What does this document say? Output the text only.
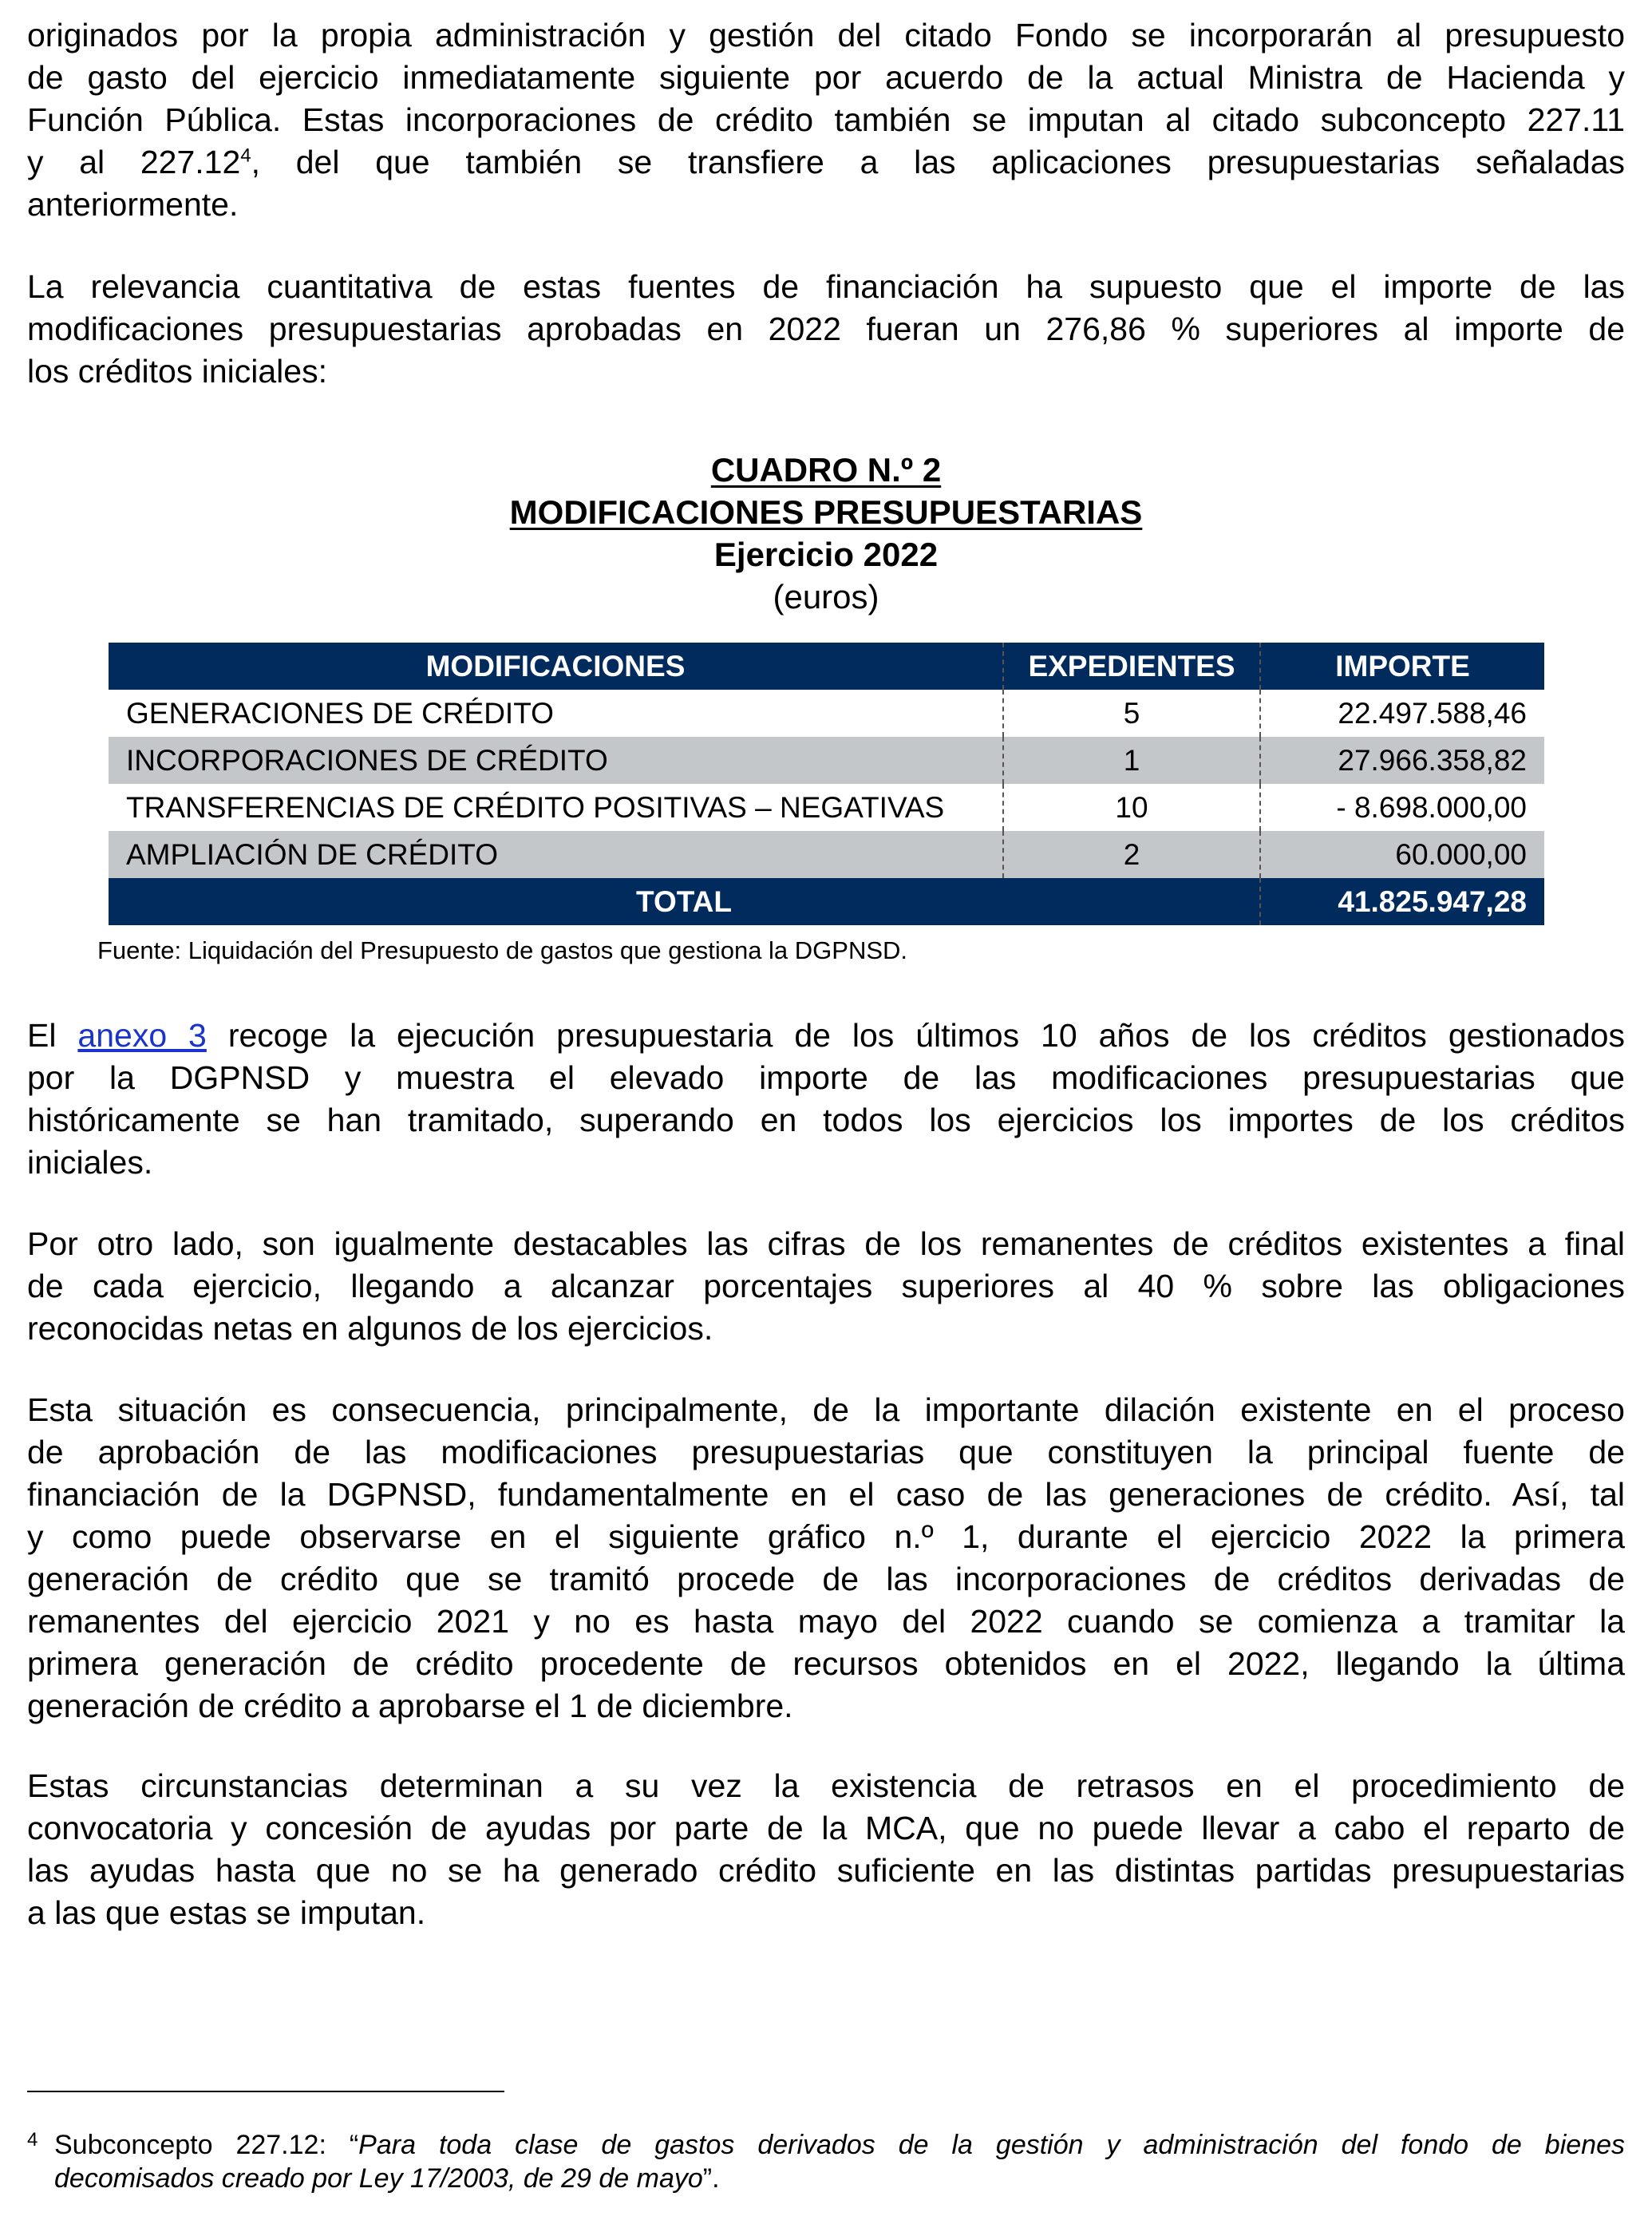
originados por la propia administración y gestión del citado Fondo se incorporarán al presupuesto
de gasto del ejercicio inmediatamente siguiente por acuerdo de la actual Ministra de Hacienda y
Función Pública. Estas incorporaciones de crédito también se imputan al citado subconcepto 227.11
y al 227.12$^4$, del que también se transfiere a las aplicaciones presupuestarias señaladas
anteriormente.
La relevancia cuantitativa de estas fuentes de financiación ha supuesto que el importe de las
modificaciones presupuestarias aprobadas en 2022 fueran un 276,86 % superiores al importe de
los créditos iniciales:
CUADRO N.º 2
MODIFICACIONES PRESUPUESTARIAS
Ejercicio 2022
(euros)
MODIFICACIONES	EXPEDIENTES	IMPORTE
GENERACIONES DE CRÉDITO	5	22.497.588,46
INCORPORACIONES DE CRÉDITO	1	27.966.358,82
TRANSFERENCIAS DE CRÉDITO POSITIVAS – NEGATIVAS	10	- 8.698.000,00
AMPLIACIÓN DE CRÉDITO	2	60.000,00
TOTAL		41.825.947,28
Fuente: Liquidación del Presupuesto de gastos que gestiona la DGPNSD.
El anexo 3 recoge la ejecución presupuestaria de los últimos 10 años de los créditos gestionados
por la DGPNSD y muestra el elevado importe de las modificaciones presupuestarias que
históricamente se han tramitado, superando en todos los ejercicios los importes de los créditos
iniciales.
Por otro lado, son igualmente destacables las cifras de los remanentes de créditos existentes a final
de cada ejercicio, llegando a alcanzar porcentajes superiores al 40 % sobre las obligaciones
reconocidas netas en algunos de los ejercicios.
Esta situación es consecuencia, principalmente, de la importante dilación existente en el proceso
de aprobación de las modificaciones presupuestarias que constituyen la principal fuente de
financiación de la DGPNSD, fundamentalmente en el caso de las generaciones de crédito. Así, tal
y como puede observarse en el siguiente gráfico n.º 1, durante el ejercicio 2022 la primera
generación de crédito que se tramitó procede de las incorporaciones de créditos derivadas de
remanentes del ejercicio 2021 y no es hasta mayo del 2022 cuando se comienza a tramitar la
primera generación de crédito procedente de recursos obtenidos en el 2022, llegando la última
generación de crédito a aprobarse el 1 de diciembre.
Estas circunstancias determinan a su vez la existencia de retrasos en el procedimiento de
convocatoria y concesión de ayudas por parte de la MCA, que no puede llevar a cabo el reparto de
las ayudas hasta que no se ha generado crédito suficiente en las distintas partidas presupuestarias
a las que estas se imputan.
4 Subconcepto 227.12: “Para toda clase de gastos derivados de la gestión y administración del fondo de bienes
decomisados creado por Ley 17/2003, de 29 de mayo”.
